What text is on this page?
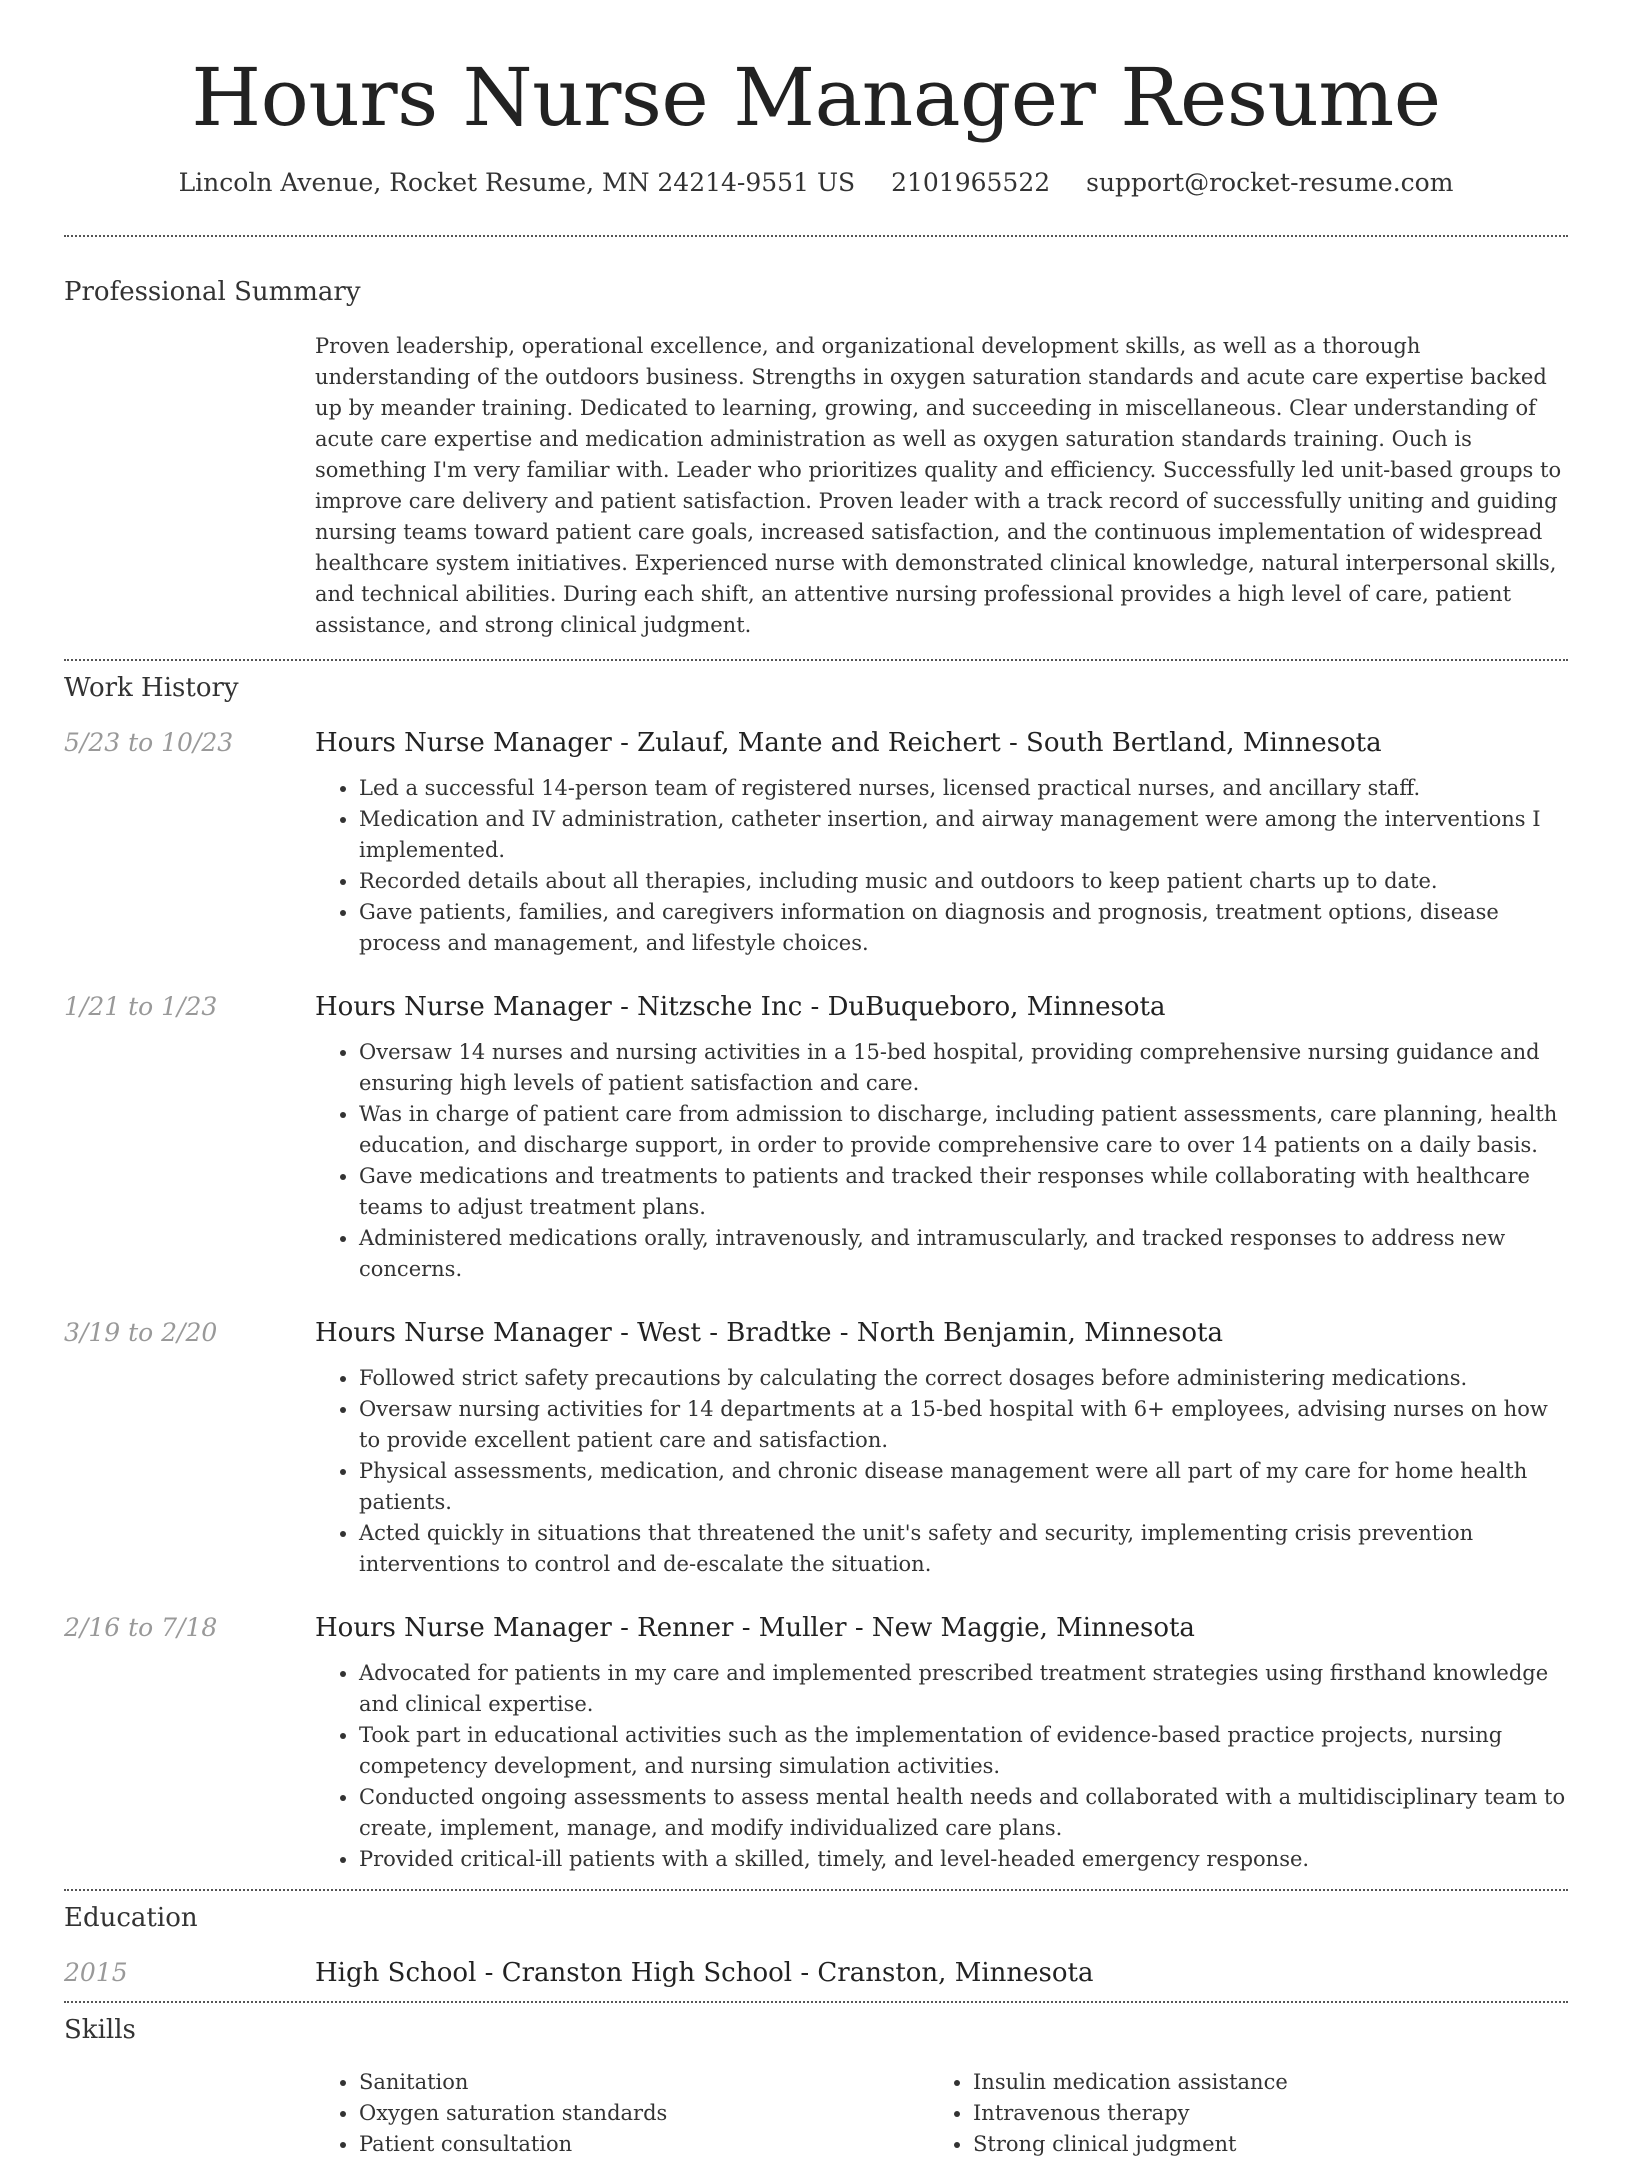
Hours Nurse Manager Resume
Lincoln Avenue, Rocket Resume, MN 24214-9551 US 2101965522 support@rocket-resume.com
Professional Summary
Proven leadership, operational excellence, and organizational development skills, as well as a thorough understanding of the outdoors business. Strengths in oxygen saturation standards and acute care expertise backed up by meander training. Dedicated to learning, growing, and succeeding in miscellaneous. Clear understanding of acute care expertise and medication administration as well as oxygen saturation standards training. Ouch is something I'm very familiar with. Leader who prioritizes quality and efficiency. Successfully led unit-based groups to improve care delivery and patient satisfaction. Proven leader with a track record of successfully uniting and guiding nursing teams toward patient care goals, increased satisfaction, and the continuous implementation of widespread healthcare system initiatives. Experienced nurse with demonstrated clinical knowledge, natural interpersonal skills, and technical abilities. During each shift, an attentive nursing professional provides a high level of care, patient assistance, and strong clinical judgment.
Work History
5/23 to 10/23	Hours Nurse Manager - Zulauf, Mante and Reichert - South Bertland, Minnesota
• Led a successful 14-person team of registered nurses, licensed practical nurses, and ancillary staff.
• Medication and IV administration, catheter insertion, and airway management were among the interventions I implemented.
• Recorded details about all therapies, including music and outdoors to keep patient charts up to date.
• Gave patients, families, and caregivers information on diagnosis and prognosis, treatment options, disease process and management, and lifestyle choices.
1/21 to 1/23	Hours Nurse Manager - Nitzsche Inc - DuBuqueboro, Minnesota
• Oversaw 14 nurses and nursing activities in a 15-bed hospital, providing comprehensive nursing guidance and ensuring high levels of patient satisfaction and care.
• Was in charge of patient care from admission to discharge, including patient assessments, care planning, health education, and discharge support, in order to provide comprehensive care to over 14 patients on a daily basis.
• Gave medications and treatments to patients and tracked their responses while collaborating with healthcare teams to adjust treatment plans.
• Administered medications orally, intravenously, and intramuscularly, and tracked responses to address new concerns.
3/19 to 2/20	Hours Nurse Manager - West - Bradtke - North Benjamin, Minnesota
• Followed strict safety precautions by calculating the correct dosages before administering medications.
• Oversaw nursing activities for 14 departments at a 15-bed hospital with 6+ employees, advising nurses on how to provide excellent patient care and satisfaction.
• Physical assessments, medication, and chronic disease management were all part of my care for home health patients.
• Acted quickly in situations that threatened the unit's safety and security, implementing crisis prevention interventions to control and de-escalate the situation.
2/16 to 7/18	Hours Nurse Manager - Renner - Muller - New Maggie, Minnesota
• Advocated for patients in my care and implemented prescribed treatment strategies using firsthand knowledge and clinical expertise.
• Took part in educational activities such as the implementation of evidence-based practice projects, nursing competency development, and nursing simulation activities.
• Conducted ongoing assessments to assess mental health needs and collaborated with a multidisciplinary team to create, implement, manage, and modify individualized care plans.
• Provided critical-ill patients with a skilled, timely, and level-headed emergency response.
Education
2015	High School - Cranston High School - Cranston, Minnesota
Skills
• Sanitation
• Oxygen saturation standards
• Patient consultation
• Insulin medication assistance
• Intravenous therapy
• Strong clinical judgment
